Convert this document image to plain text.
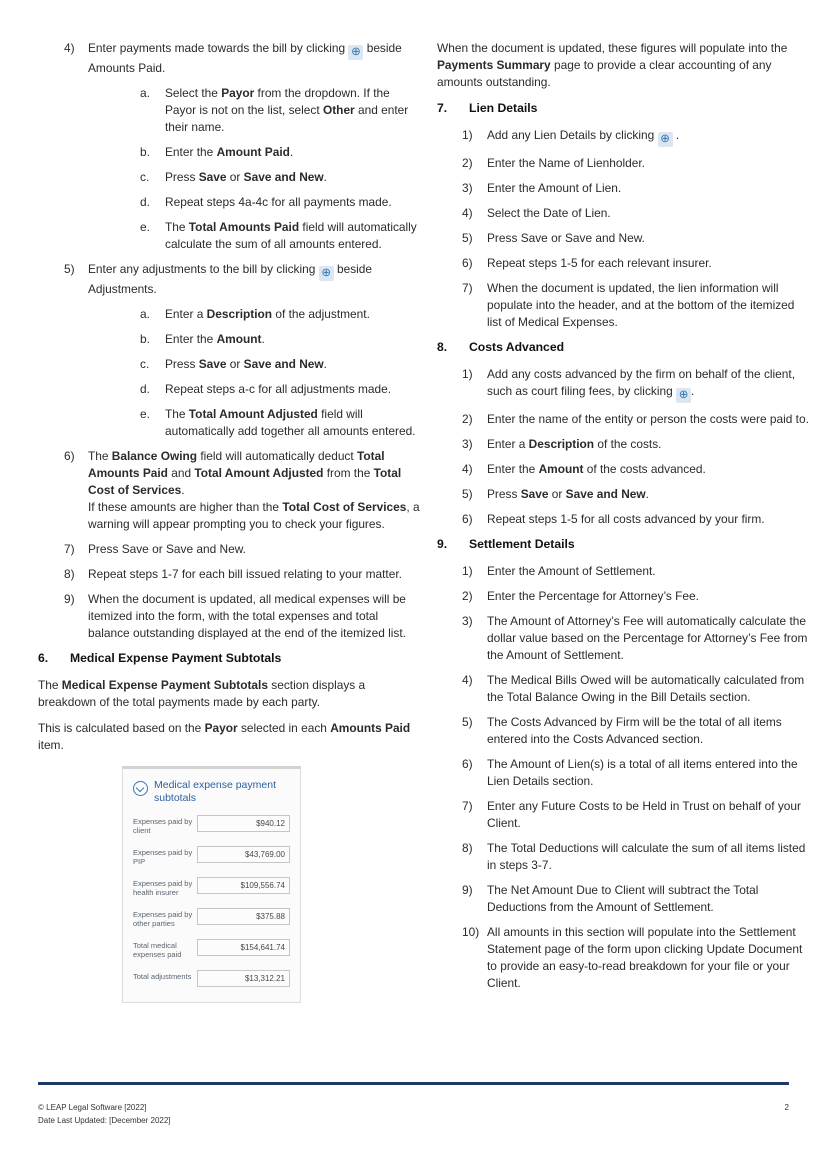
4)	Enter payments made towards the bill by clicking ⊕ beside Amounts Paid.
a.	Select the Payor from the dropdown. If the Payor is not on the list, select Other and enter their name.
b.	Enter the Amount Paid.
c.	Press Save or Save and New.
d.	Repeat steps 4a-4c for all payments made.
e.	The Total Amounts Paid field will automatically calculate the sum of all amounts entered.
5)	Enter any adjustments to the bill by clicking ⊕ beside Adjustments.
a.	Enter a Description of the adjustment.
b.	Enter the Amount.
c.	Press Save or Save and New.
d.	Repeat steps a-c for all adjustments made.
e.	The Total Amount Adjusted field will automatically add together all amounts entered.
6)	The Balance Owing field will automatically deduct Total Amounts Paid and Total Amount Adjusted from the Total Cost of Services.
If these amounts are higher than the Total Cost of Services, a warning will appear prompting you to check your figures.
7)	Press Save or Save and New.
8)	Repeat steps 1-7 for each bill issued relating to your matter.
9)	When the document is updated, all medical expenses will be itemized into the form, with the total expenses and total balance outstanding displayed at the end of the itemized list.
6. Medical Expense Payment Subtotals
The Medical Expense Payment Subtotals section displays a breakdown of the total payments made by each party.
This is calculated based on the Payor selected in each Amounts Paid item.
Medical expense payment subtotals
Expenses paid by client
$940.12
Expenses paid by PIP
$43,769.00
Expenses paid by health insurer
$109,556.74
Expenses paid by other parties
$375.88
Total medical expenses paid
$154,641.74
Total adjustments	$13,312.21
When the document is updated, these figures will populate into the Payments Summary page to provide a clear accounting of any amounts outstanding.
7. Lien Details
1)	Add any Lien Details by clicking ⊕ .
2)	Enter the Name of Lienholder.
3)	Enter the Amount of Lien.
4)	Select the Date of Lien.
5)	Press Save or Save and New.
6)	Repeat steps 1-5 for each relevant insurer.
7)	When the document is updated, the lien information will populate into the header, and at the bottom of the itemized list of Medical Expenses.
8. Costs Advanced
1)	Add any costs advanced by the firm on behalf of the client, such as court filing fees, by clicking ⊕ .
2)	Enter the name of the entity or person the costs were paid to.
3)	Enter a Description of the costs.
4)	Enter the Amount of the costs advanced.
5)	Press Save or Save and New.
6)	Repeat steps 1-5 for all costs advanced by your firm.
9. Settlement Details
1)	Enter the Amount of Settlement.
2)	Enter the Percentage for Attorney’s Fee.
3)	The Amount of Attorney’s Fee will automatically calculate the dollar value based on the Percentage for Attorney’s Fee from the Amount of Settlement.
4)	The Medical Bills Owed will be automatically calculated from the Total Balance Owing in the Bill Details section.
5)	The Costs Advanced by Firm will be the total of all items entered into the Costs Advanced section.
6)	The Amount of Lien(s) is a total of all items entered into the Lien Details section.
7)	Enter any Future Costs to be Held in Trust on behalf of your Client.
8)	The Total Deductions will calculate the sum of all items listed in steps 3-7.
9)	The Net Amount Due to Client will subtract the Total Deductions from the Amount of Settlement.
10) All amounts in this section will populate into the Settlement Statement page of the form upon clicking Update Document to provide an easy-to-read breakdown for your file or your Client.
© LEAP Legal Software [2022]
Date Last Updated: [December 2022]
2
